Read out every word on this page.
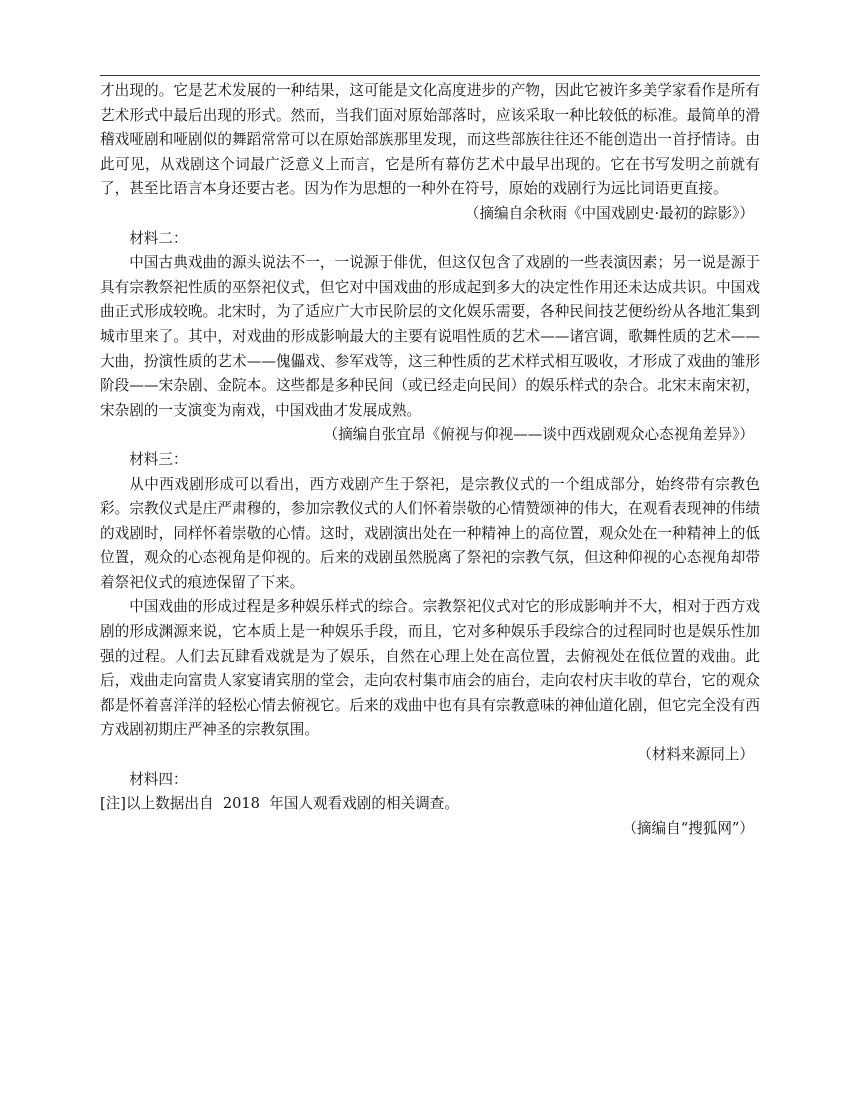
才出现的。它是艺术发展的一种结果，这可能是文化高度进步的产物，因此它被许多美学家看作是所有艺术形式中最后出现的形式。然而，当我们面对原始部落时，应该采取一种比较低的标准。最简单的滑稽戏哑剧和哑剧似的舞蹈常常可以在原始部族那里发现，而这些部族往往还不能创造出一首抒情诗。由此可见，从戏剧这个词最广泛意义上而言，它是所有幕仿艺术中最早出现的。它在书写发明之前就有了，甚至比语言本身还要古老。因为作为思想的一种外在符号，原始的戏剧行为远比词语更直接。

（摘编自余秋雨《中国戏剧史·最初的踪影》）

材料二：

中国古典戏曲的源头说法不一，一说源于俳优，但这仅包含了戏剧的一些表演因素；另一说是源于具有宗教祭祀性质的巫祭祀仪式，但它对中国戏曲的形成起到多大的决定性作用还未达成共识。中国戏曲正式形成较晚。北宋时，为了适应广大市民阶层的文化娱乐需要，各种民间技艺便纷纷从各地汇集到城市里来了。其中，对戏曲的形成影响最大的主要有说唱性质的艺术——诸宫调，歌舞性质的艺术——大曲，扮演性质的艺术——傀儡戏、参军戏等，这三种性质的艺术样式相互吸收，才形成了戏曲的雏形阶段——宋杂剧、金院本。这些都是多种民间（或已经走向民间）的娱乐样式的杂合。北宋末南宋初，宋杂剧的一支演变为南戏，中国戏曲才发展成熟。

（摘编自张宜昂《俯视与仰视——谈中西戏剧观众心态视角差异》）

材料三：

从中西戏剧形成可以看出，西方戏剧产生于祭祀，是宗教仪式的一个组成部分，始终带有宗教色彩。宗教仪式是庄严肃穆的，参加宗教仪式的人们怀着崇敬的心情赞颂神的伟大，在观看表现神的伟绩的戏剧时，同样怀着崇敬的心情。这时，戏剧演出处在一种精神上的高位置，观众处在一种精神上的低位置，观众的心态视角是仰视的。后来的戏剧虽然脱离了祭祀的宗教气氛，但这种仰视的心态视角却带着祭祀仪式的痕迹保留了下来。

中国戏曲的形成过程是多种娱乐样式的综合。宗教祭祀仪式对它的形成影响并不大，相对于西方戏剧的形成渊源来说，它本质上是一种娱乐手段，而且，它对多种娱乐手段综合的过程同时也是娱乐性加强的过程。人们去瓦肆看戏就是为了娱乐，自然在心理上处在高位置，去俯视处在低位置的戏曲。此后，戏曲走向富贵人家宴请宾朋的堂会，走向农村集市庙会的庙台，走向农村庆丰收的草台，它的观众都是怀着喜洋洋的轻松心情去俯视它。后来的戏曲中也有具有宗教意味的神仙道化剧，但它完全没有西方戏剧初期庄严神圣的宗教氛围。

（材料来源同上）

材料四：

[注]以上数据出自  2018  年国人观看戏剧的相关调查。

（摘编自“搜狐网”）
